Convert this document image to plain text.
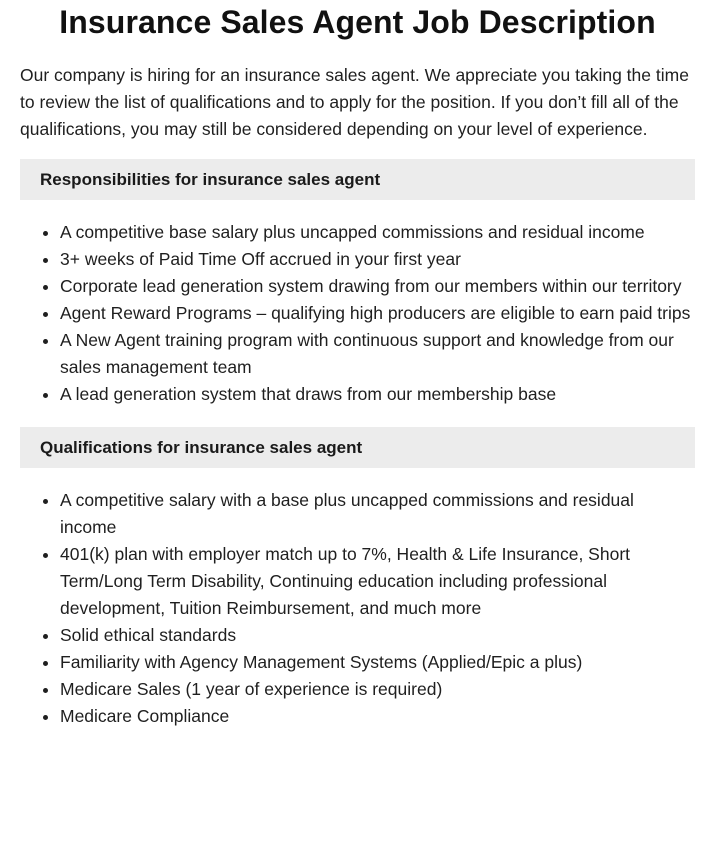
Insurance Sales Agent Job Description

Our company is hiring for an insurance sales agent. We appreciate you taking the time to review the list of qualifications and to apply for the position. If you don’t fill all of the qualifications, you may still be considered depending on your level of experience.

Responsibilities for insurance sales agent
• A competitive base salary plus uncapped commissions and residual income
• 3+ weeks of Paid Time Off accrued in your first year
• Corporate lead generation system drawing from our members within our territory
• Agent Reward Programs – qualifying high producers are eligible to earn paid trips
• A New Agent training program with continuous support and knowledge from our sales management team
• A lead generation system that draws from our membership base
Qualifications for insurance sales agent
• A competitive salary with a base plus uncapped commissions and residual income
• 401(k) plan with employer match up to 7%, Health & Life Insurance, Short Term/Long Term Disability, Continuing education including professional development, Tuition Reimbursement, and much more
• Solid ethical standards
• Familiarity with Agency Management Systems (Applied/Epic a plus)
• Medicare Sales (1 year of experience is required)
• Medicare Compliance
